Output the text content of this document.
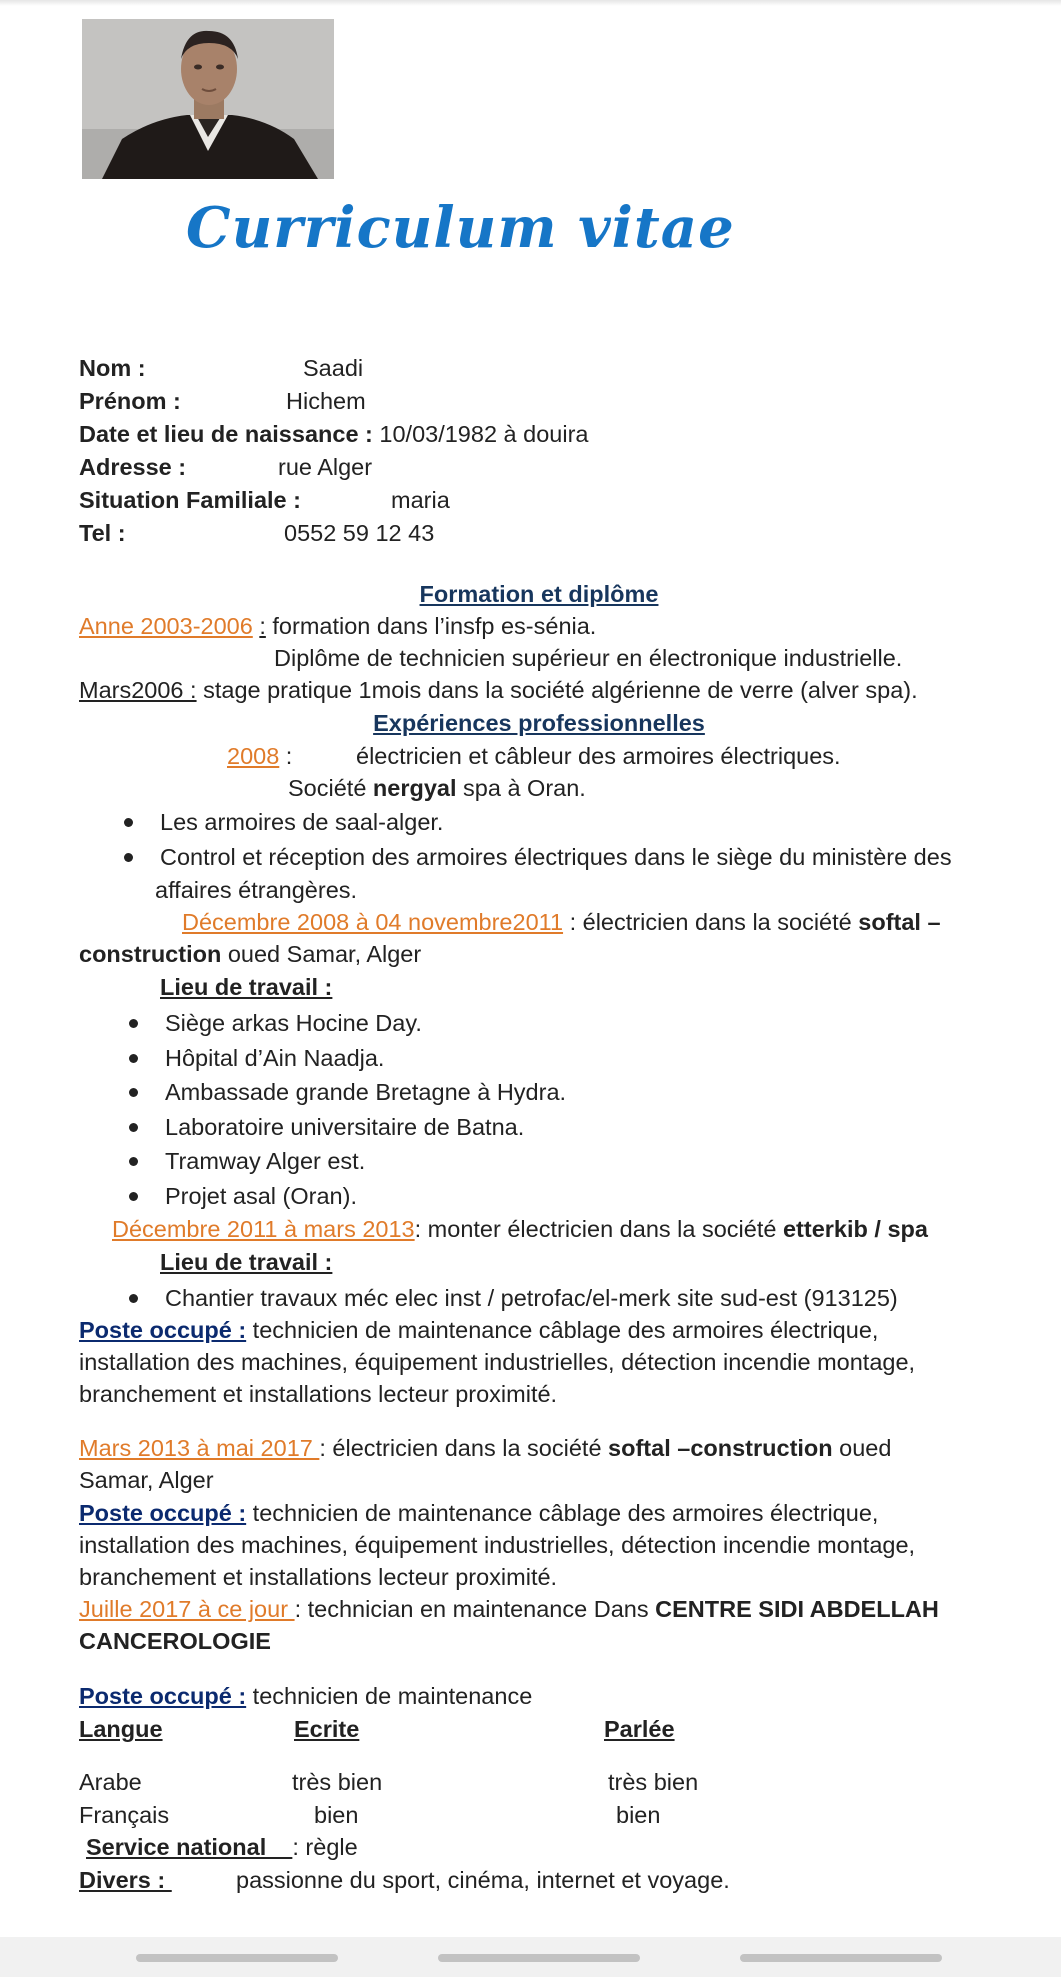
Curriculum vitae
Nom :	Saadi
Prénom :	Hichem
Date et lieu de naissance : 10/03/1982 à douira
Adresse :	rue Alger
Situation Familiale :	maria
Tel :	0552 59 12 43
Formation et diplôme
Anne 2003-2006 : formation dans l’insfp es-sénia.
Diplôme de technicien supérieur en électronique industrielle.
Mars2006 : stage pratique 1mois dans la société algérienne de verre (alver spa).
Expériences professionnelles
2008 :	électricien et câbleur des armoires électriques.
Société nergyal spa à Oran.
Les armoires de saal-alger.
Control et réception des armoires électriques dans le siège du ministère des
affaires étrangères.
Décembre 2008 à 04 novembre2011 : électricien dans la société softal –
construction oued Samar, Alger
Lieu de travail :
Siège arkas Hocine Day.
Hôpital d’Ain Naadja.
Ambassade grande Bretagne à Hydra.
Laboratoire universitaire de Batna.
Tramway Alger est.
Projet asal (Oran).
Décembre 2011 à mars 2013: monter électricien dans la société etterkib / spa
Lieu de travail :
Chantier travaux méc elec inst / petrofac/el-merk site sud-est (913125)
Poste occupé : technicien de maintenance câblage des armoires électrique,
installation des machines, équipement industrielles, détection incendie montage,
branchement et installations lecteur proximité.
Mars 2013 à mai 2017 : électricien dans la société softal –construction oued
Samar, Alger
Poste occupé : technicien de maintenance câblage des armoires électrique,
installation des machines, équipement industrielles, détection incendie montage,
branchement et installations lecteur proximité.
Juille 2017 à ce jour : technician en maintenance Dans CENTRE SIDI ABDELLAH
CANCEROLOGIE
Poste occupé : technicien de maintenance
Langue	Ecrite	Parlée
Arabe	très bien	très bien
Français	bien	bien
Service national    : règle
Divers :	passionne du sport, cinéma, internet et voyage.
